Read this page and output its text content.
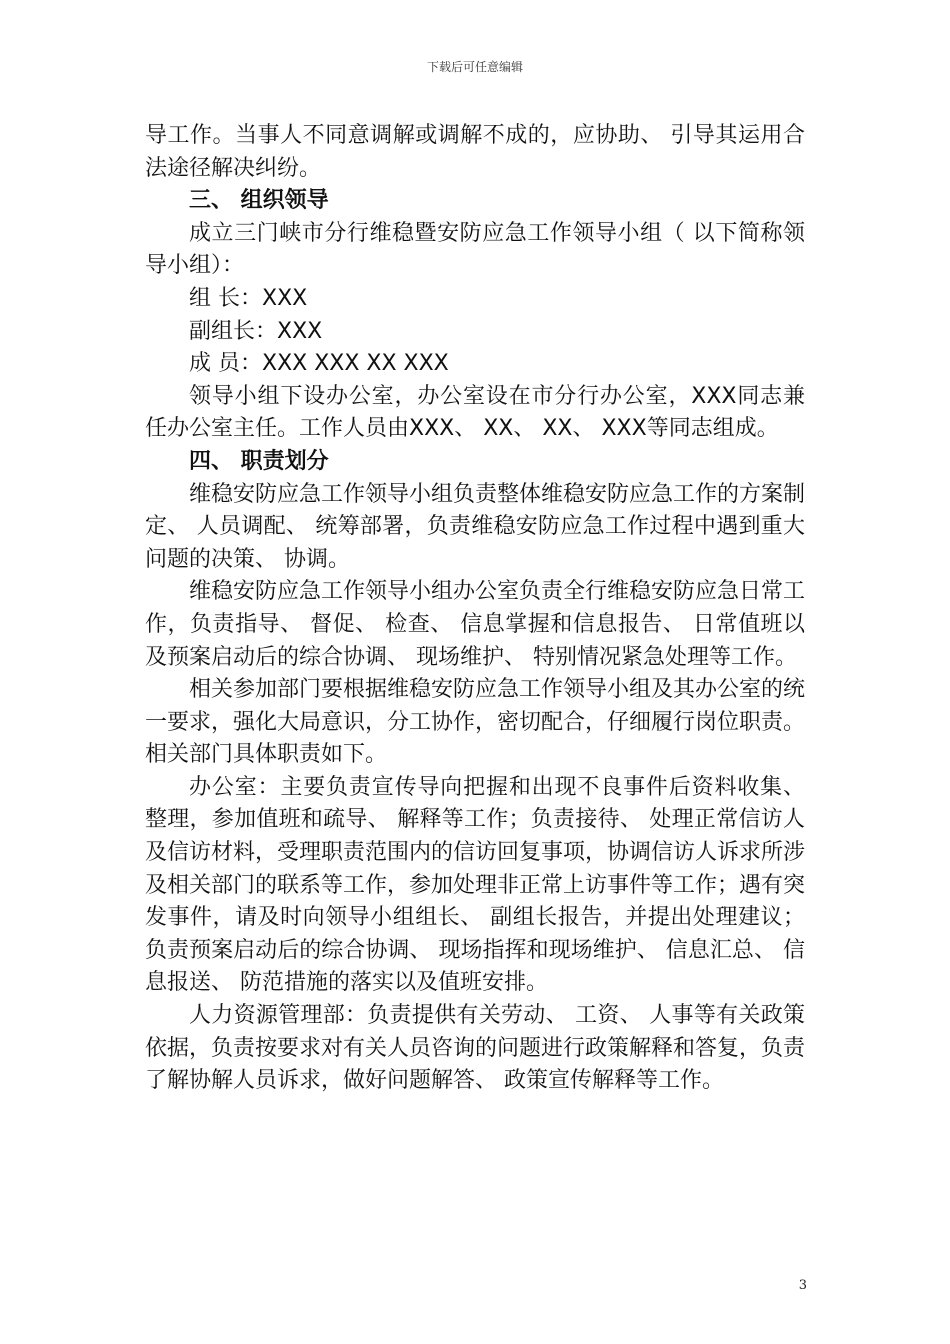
下载后可任意编辑

导工作。当事人不同意调解或调解不成的，应协助、 引导其运用合法途径解决纠纷。

三、 组织领导

成立三门峡市分行维稳暨安防应急工作领导小组（ 以下简称领导小组）：

组 长：XXX

副组长：XXX

成 员：XXX XXX XX XXX

领导小组下设办公室，办公室设在市分行办公室，XXX同志兼任办公室主任。工作人员由XXX、 XX、 XX、 XXX等同志组成。

四、 职责划分

维稳安防应急工作领导小组负责整体维稳安防应急工作的方案制定、 人员调配、 统筹部署，负责维稳安防应急工作过程中遇到重大问题的决策、 协调。

维稳安防应急工作领导小组办公室负责全行维稳安防应急日常工作，负责指导、 督促、 检查、 信息掌握和信息报告、 日常值班以及预案启动后的综合协调、 现场维护、 特别情况紧急处理等工作。

相关参加部门要根据维稳安防应急工作领导小组及其办公室的统一要求，强化大局意识，分工协作，密切配合，仔细履行岗位职责。相关部门具体职责如下。

办公室：主要负责宣传导向把握和出现不良事件后资料收集、 整理，参加值班和疏导、 解释等工作；负责接待、 处理正常信访人及信访材料，受理职责范围内的信访回复事项，协调信访人诉求所涉及相关部门的联系等工作，参加处理非正常上访事件等工作；遇有突发事件，请及时向领导小组组长、 副组长报告，并提出处理建议；负责预案启动后的综合协调、 现场指挥和现场维护、 信息汇总、 信息报送、 防范措施的落实以及值班安排。

人力资源管理部：负责提供有关劳动、 工资、 人事等有关政策依据，负责按要求对有关人员咨询的问题进行政策解释和答复，负责了解协解人员诉求，做好问题解答、 政策宣传解释等工作。

3
